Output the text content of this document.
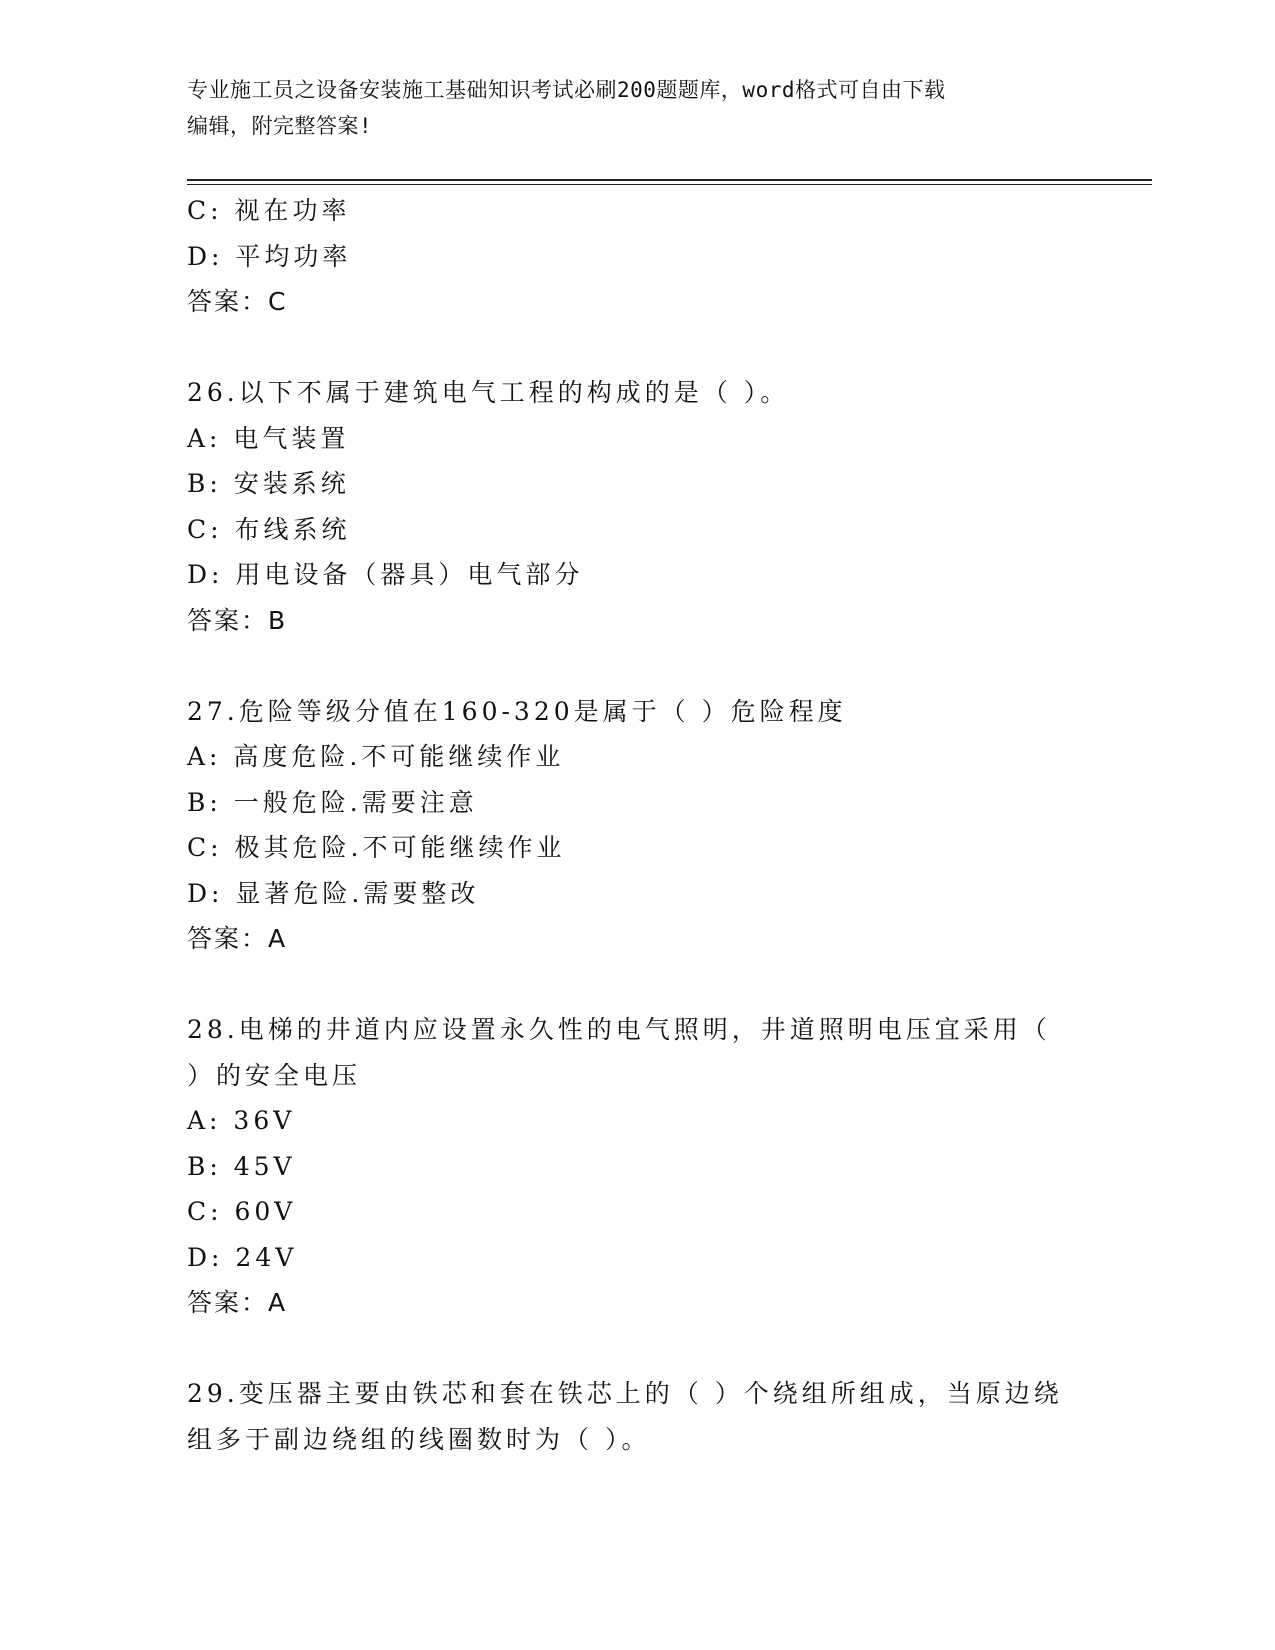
专业施工员之设备安装施工基础知识考试必刷200题题库，word格式可自由下载
编辑，附完整答案!
C: 视在功率
D: 平均功率
答案：C
26.以下不属于建筑电气工程的构成的是（ ）。
A: 电气装置
B: 安装系统
C: 布线系统
D: 用电设备（器具）电气部分
答案：B
27.危险等级分值在160-320是属于（ ）危险程度
A: 高度危险.不可能继续作业
B: 一般危险.需要注意
C: 极其危险.不可能继续作业
D: 显著危险.需要整改
答案：A
28.电梯的井道内应设置永久性的电气照明，井道照明电压宜采用（
）的安全电压
A: 36V
B: 45V
C: 60V
D: 24V
答案：A
29.变压器主要由铁芯和套在铁芯上的（ ）个绕组所组成，当原边绕
组多于副边绕组的线圈数时为（ ）。
